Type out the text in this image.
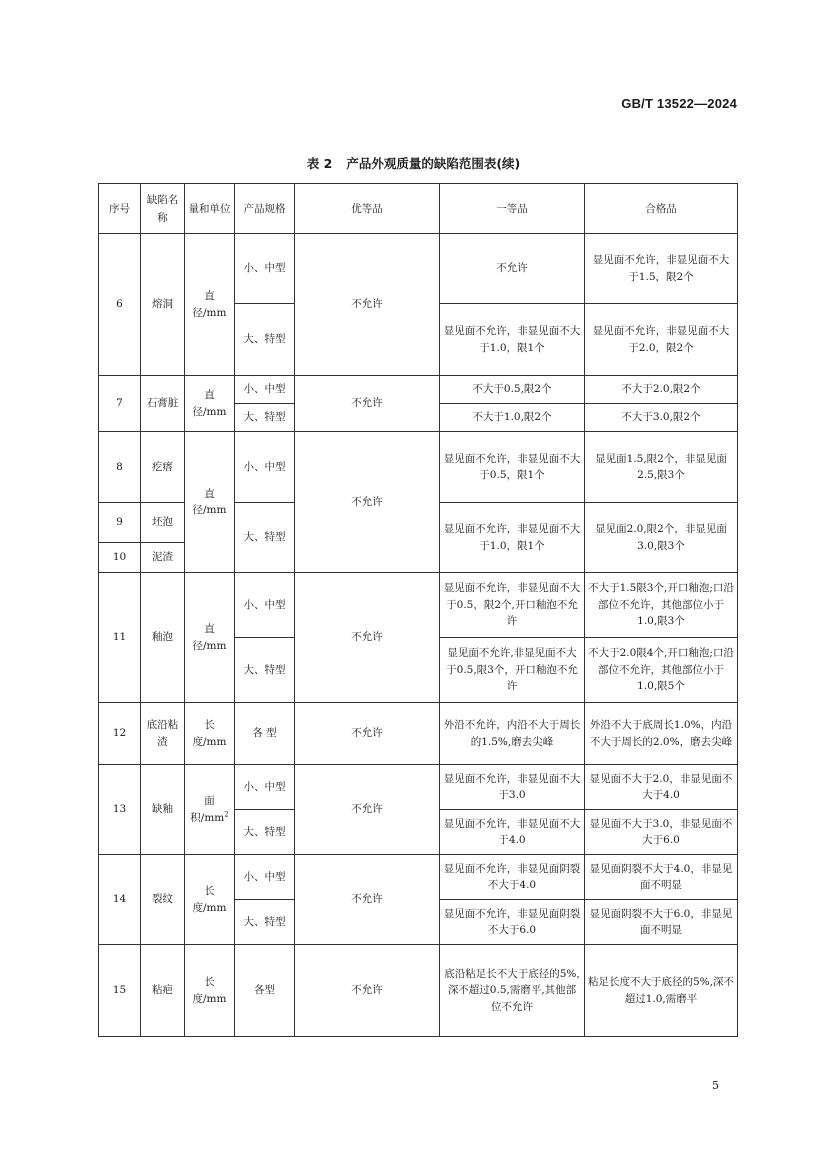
GB/T 13522—2024
表 2 产品外观质量的缺陷范围表(续)
序号	缺陷名称	量和单位	产品规格	优等品	一等品	合格品
6	熔洞	直径/mm	小、中型	不允许	不允许	显见面不允许，非显见面不大于1.5，限2个
			大、特型		显见面不允许，非显见面不大于1.0，限1个	显见面不允许，非显见面不大于2.0，限2个
7	石膏脏	直径/mm	小、中型	不允许	不大于0.5,限2个	不大于2.0,限2个
			大、特型		不大于1.0,限2个	不大于3.0,限2个
8	疙瘩	直径/mm	小、中型	不允许	显见面不允许，非显见面不大于0.5，限1个	显见面1.5,限2个，非显见面2.5,限3个
9	坯泡		大、特型		显见面不允许，非显见面不大于1.0，限1个	显见面2.0,限2个，非显见面3.0,限3个
10	泥渣					
11	釉泡	直径/mm	小、中型	不允许	显见面不允许，非显见面不大于0.5，限2个,开口釉泡不允许	不大于1.5限3个,开口釉泡;口沿部位不允许，其他部位小于1.0,限3个
			大、特型		显见面不允许,非显见面不大于0.5,限3个，开口釉泡不允许	不大于2.0限4个,开口釉泡;口沿部位不允许，其他部位小于1.0,限5个
12	底沿粘渣	长度/mm	各 型	不允许	外沿不允许，内沿不大于周长的1.5%,磨去尖峰	外沿不大于底周长1.0%，内沿不大于周长的2.0%，磨去尖峰
13	缺釉	面积$/mm^2$	小、中型	不允许	显见面不允许，非显见面不大于3.0	显见面不大于2.0，非显见面不大于4.0
			大、特型		显见面不允许，非显见面不大于4.0	显见面不大于3.0，非显见面不大于6.0
14	裂纹	长度/mm	小、中型	不允许	显见面不允许，非显见面阴裂不大于4.0	显见面阴裂不大于4.0，非显见面不明显
			大、特型		显见面不允许，非显见面阴裂不大于6.0	显见面阴裂不大于6.0，非显见面不明显
15	粘疤	长度/mm	各型	不允许	底沿粘足长不大于底径的5%,深不超过0.5,需磨平,其他部位不允许	粘足长度不大于底径的5%,深不超过1.0,需磨平
5
